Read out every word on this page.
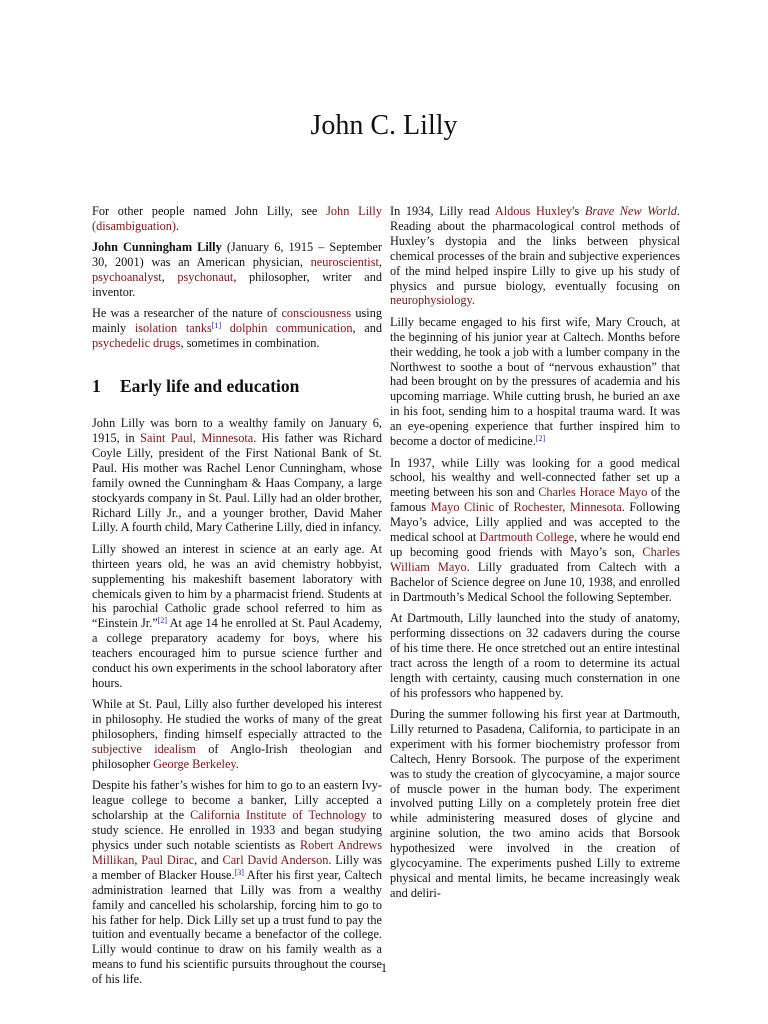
John C. Lilly

For other people named John Lilly, see John Lilly (disambiguation).

John Cunningham Lilly (January 6, 1915 – September 30, 2001) was an American physician, neuroscientist, psychoanalyst, psychonaut, philosopher, writer and inventor.

He was a researcher of the nature of consciousness using mainly isolation tanks[1] dolphin communication, and psychedelic drugs, sometimes in combination.

1 Early life and education

John Lilly was born to a wealthy family on January 6, 1915, in Saint Paul, Minnesota. His father was Richard Coyle Lilly, president of the First National Bank of St. Paul. His mother was Rachel Lenor Cunningham, whose family owned the Cunningham & Haas Company, a large stockyards company in St. Paul. Lilly had an older brother, Richard Lilly Jr., and a younger brother, David Maher Lilly. A fourth child, Mary Catherine Lilly, died in infancy.

Lilly showed an interest in science at an early age. At thirteen years old, he was an avid chemistry hobbyist, supplementing his makeshift basement laboratory with chemicals given to him by a pharmacist friend. Students at his parochial Catholic grade school referred to him as “Einstein Jr.”[2] At age 14 he enrolled at St. Paul Academy, a college preparatory academy for boys, where his teachers encouraged him to pursue science further and conduct his own experiments in the school laboratory after hours.

While at St. Paul, Lilly also further developed his interest in philosophy. He studied the works of many of the great philosophers, finding himself especially attracted to the subjective idealism of Anglo-Irish theologian and philosopher George Berkeley.

Despite his father’s wishes for him to go to an eastern Ivy-league college to become a banker, Lilly accepted a scholarship at the California Institute of Technology to study science. He enrolled in 1933 and began studying physics under such notable scientists as Robert Andrews Millikan, Paul Dirac, and Carl David Anderson. Lilly was a member of Blacker House.[3] After his first year, Caltech administration learned that Lilly was from a wealthy family and cancelled his scholarship, forcing him to go to his father for help. Dick Lilly set up a trust fund to pay the tuition and eventually became a benefactor of the college. Lilly would continue to draw on his family wealth as a means to fund his scientific pursuits throughout the course of his life.

In 1934, Lilly read Aldous Huxley's Brave New World. Reading about the pharmacological control methods of Huxley’s dystopia and the links between physical chemical processes of the brain and subjective experiences of the mind helped inspire Lilly to give up his study of physics and pursue biology, eventually focusing on neurophysiology.

Lilly became engaged to his first wife, Mary Crouch, at the beginning of his junior year at Caltech. Months before their wedding, he took a job with a lumber company in the Northwest to soothe a bout of “nervous exhaustion” that had been brought on by the pressures of academia and his upcoming marriage. While cutting brush, he buried an axe in his foot, sending him to a hospital trauma ward. It was an eye-opening experience that further inspired him to become a doctor of medicine.[2]

In 1937, while Lilly was looking for a good medical school, his wealthy and well-connected father set up a meeting between his son and Charles Horace Mayo of the famous Mayo Clinic of Rochester, Minnesota. Following Mayo’s advice, Lilly applied and was accepted to the medical school at Dartmouth College, where he would end up becoming good friends with Mayo’s son, Charles William Mayo. Lilly graduated from Caltech with a Bachelor of Science degree on June 10, 1938, and enrolled in Dartmouth’s Medical School the following September.

At Dartmouth, Lilly launched into the study of anatomy, performing dissections on 32 cadavers during the course of his time there. He once stretched out an entire intestinal tract across the length of a room to determine its actual length with certainty, causing much consternation in one of his professors who happened by.

During the summer following his first year at Dartmouth, Lilly returned to Pasadena, California, to participate in an experiment with his former biochemistry professor from Caltech, Henry Borsook. The purpose of the experiment was to study the creation of glycocyamine, a major source of muscle power in the human body. The experiment involved putting Lilly on a completely protein free diet while administering measured doses of glycine and arginine solution, the two amino acids that Borsook hypothesized were involved in the creation of glycocyamine. The experiments pushed Lilly to extreme physical and mental limits, he became increasingly weak and deliri-

1
